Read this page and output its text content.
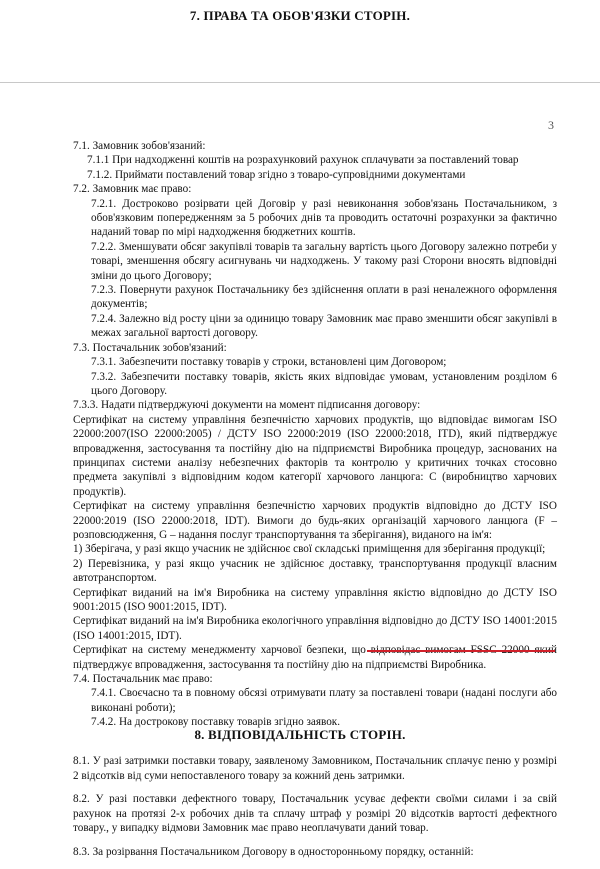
7. ПРАВА ТА ОБОВ'ЯЗКИ СТОРІН.
3
7.1. Замовник зобов'язаний:
7.1.1 При надходженні коштів на розрахунковий рахунок сплачувати за поставлений товар
7.1.2. Приймати поставлений товар згідно з товаро-супровідними документами
7.2. Замовник має право:
7.2.1. Достроково розірвати цей Договір у разі невиконання зобов'язань Постачальником, з обов'язковим попередженням за 5 робочих днів та проводить остаточні розрахунки за фактично наданий товар по мірі надходження бюджетних коштів.
7.2.2. Зменшувати обсяг закупівлі товарів та загальну вартість цього Договору залежно потреби у товарі, зменшення обсягу асигнувань чи надходжень. У такому разі Сторони вносять відповідні зміни до цього Договору;
7.2.3. Повернути рахунок Постачальнику без здійснення оплати в разі неналежного оформлення документів;
7.2.4. Залежно від росту ціни за одиницю товару Замовник має право зменшити обсяг закупівлі в межах загальної вартості договору.
7.3. Постачальник зобов'язаний:
7.3.1. Забезпечити поставку товарів у строки, встановлені цим Договором;
7.3.2. Забезпечити поставку товарів, якість яких відповідає умовам, установленим розділом 6 цього Договору.
7.3.3. Надати підтверджуючі документи на момент підписання договору:
Сертифікат на систему управління безпечністю харчових продуктів, що відповідає вимогам ISO 22000:2007(ISO 22000:2005) / ДСТУ ISO 22000:2019 (ISO 22000:2018, ITD), який підтверджує впровадження, застосування та постійну дію на підприємстві Виробника процедур, заснованих на принципах системи аналізу небезпечних факторів та контролю у критичних точках стосовно предмета закупівлі з відповідним кодом категорії харчового ланцюга: С (виробництво харчових продуктів).
Сертифікат на систему управління безпечністю харчових продуктів відповідно до ДСТУ ISO 22000:2019 (ISO 22000:2018, IDT). Вимоги до будь-яких організацій харчового ланцюга (F – розповсюдження, G – надання послуг транспортування та зберігання), виданого на ім'я:
1) Зберігача, у разі якщо учасник не здійснює свої складські приміщення для зберігання продукції;
2) Перевізника, у разі якщо учасник не здійснює доставку, транспортування продукції власним автотранспортом.
Сертифікат виданий на ім'я Виробника на систему управління якістю відповідно до ДСТУ ISO 9001:2015 (ISO 9001:2015, IDT).
Сертифікат виданий на ім'я Виробника екологічного управління відповідно до ДСТУ ISO 14001:2015 (ISO 14001:2015, IDT).
Сертифікат на систему менеджменту харчової безпеки, що відповідає вимогам FSSC 22000 який підтверджує впровадження, застосування та постійну дію на підприємстві Виробника.
7.4. Постачальник має право:
7.4.1. Своєчасно та в повному обсязі отримувати плату за поставлені товари (надані послуги або виконані роботи);
7.4.2. На дострокову поставку товарів згідно заявок.
8. ВІДПОВІДАЛЬНІСТЬ СТОРІН.

8.1. У разі затримки поставки товару, заявленому Замовником, Постачальник сплачує пеню у розмірі 2 відсотків від суми непоставленого товару за кожний день затримки.

8.2. У разі поставки дефектного товару, Постачальник усуває дефекти своїми силами і за свій рахунок на протязі 2-х робочих днів та сплачу штраф у розмірі 20 відсотків вартості дефектного товару., у випадку відмови Замовник має право неоплачувати даний товар.

8.3. За розірвання Постачальником Договору в односторонньому порядку, останній:
